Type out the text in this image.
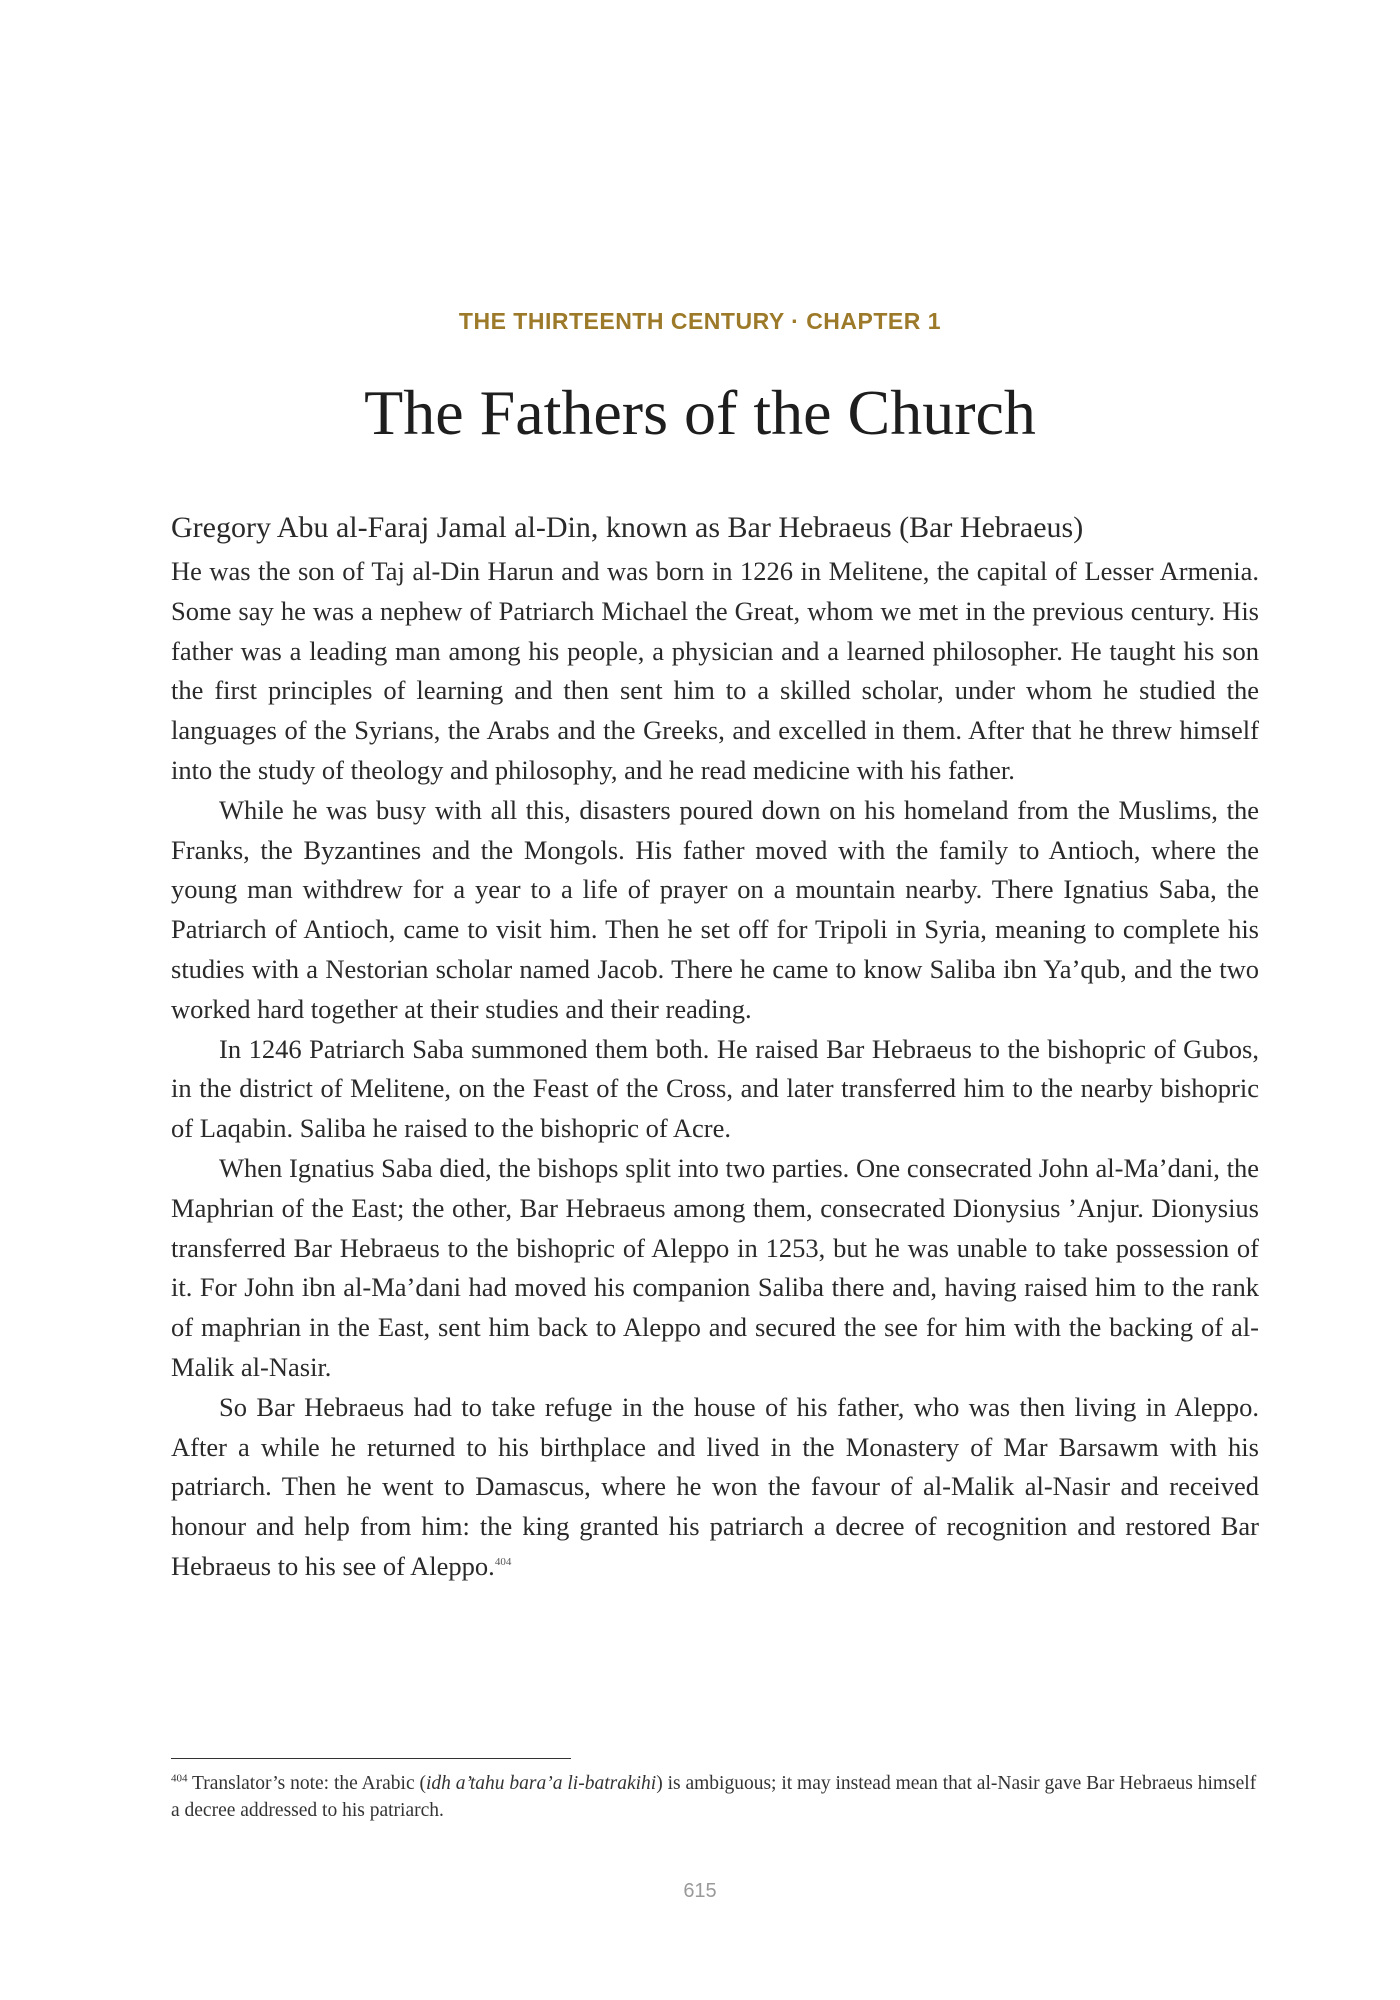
THE THIRTEENTH CENTURY · CHAPTER 1
The Fathers of the Church
Gregory Abu al-Faraj Jamal al-Din, known as Bar Hebraeus (Bar Hebraeus)

He was the son of Taj al-Din Harun and was born in 1226 in Melitene, the capital of Lesser Armenia. Some say he was a nephew of Patriarch Michael the Great, whom we met in the previous century. His father was a leading man among his people, a physician and a learned philosopher. He taught his son the first principles of learning and then sent him to a skilled scholar, under whom he studied the languages of the Syrians, the Arabs and the Greeks, and excelled in them. After that he threw himself into the study of theology and philosophy, and he read medicine with his father.

While he was busy with all this, disasters poured down on his homeland from the Muslims, the Franks, the Byzantines and the Mongols. His father moved with the family to Antioch, where the young man withdrew for a year to a life of prayer on a mountain nearby. There Ignatius Saba, the Patriarch of Antioch, came to visit him. Then he set off for Tripoli in Syria, meaning to complete his studies with a Nestorian scholar named Jacob. There he came to know Saliba ibn Ya’qub, and the two worked hard together at their studies and their reading.

In 1246 Patriarch Saba summoned them both. He raised Bar Hebraeus to the bishopric of Gubos, in the district of Melitene, on the Feast of the Cross, and later transferred him to the nearby bishopric of Laqabin. Saliba he raised to the bishopric of Acre.

When Ignatius Saba died, the bishops split into two parties. One consecrated John al-Ma’dani, the Maphrian of the East; the other, Bar Hebraeus among them, consecrated Dionysius ’Anjur. Dionysius transferred Bar Hebraeus to the bishopric of Aleppo in 1253, but he was unable to take possession of it. For John ibn al-Ma’dani had moved his companion Saliba there and, having raised him to the rank of maphrian in the East, sent him back to Aleppo and secured the see for him with the backing of al-Malik al-Nasir.

So Bar Hebraeus had to take refuge in the house of his father, who was then living in Aleppo. After a while he returned to his birthplace and lived in the Monastery of Mar Barsawm with his patriarch. Then he went to Damascus, where he won the favour of al-Malik al-Nasir and received honour and help from him: the king granted his patriarch a decree of recognition and restored Bar Hebraeus to his see of Aleppo.$^{404}$

$^{404}$ Translator’s note: the Arabic (idh a’tahu bara’a li-batrakihi) is ambiguous; it may instead mean that al-Nasir gave Bar Hebraeus himself a decree addressed to his patriarch.

615
